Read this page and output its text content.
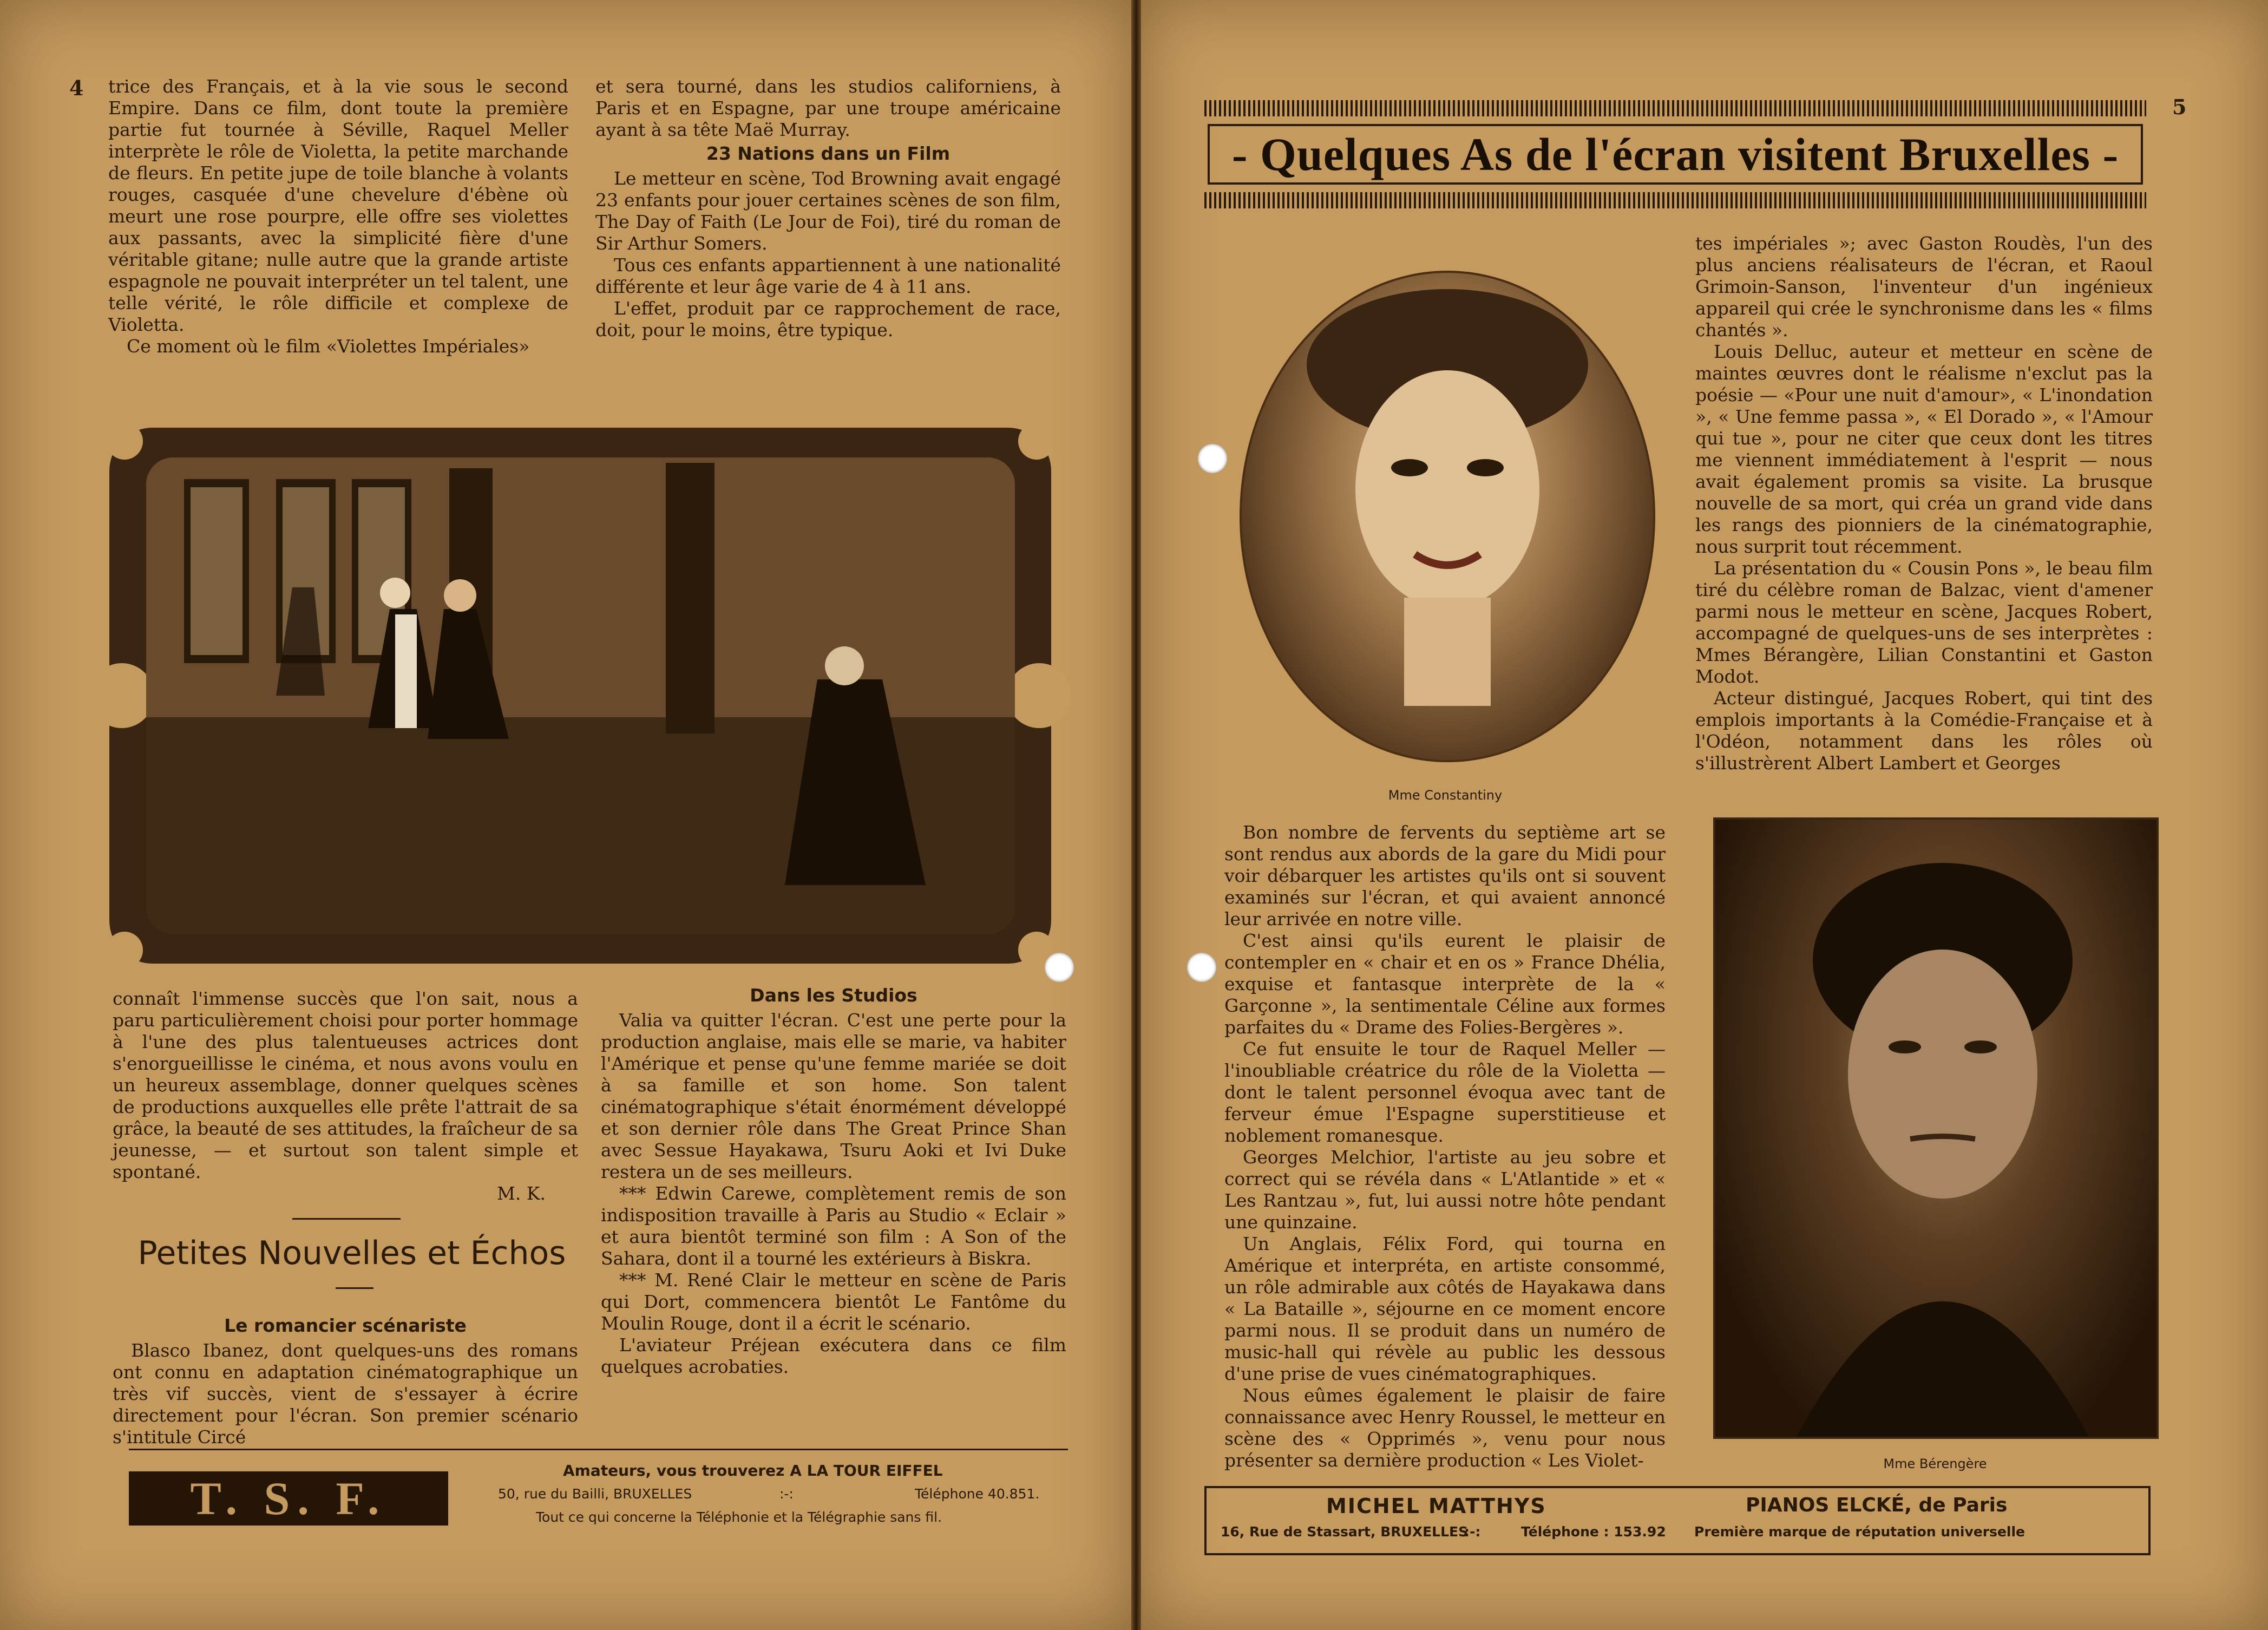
4 trice des Français, et à la vie sous le second Empire. Dans ce film, dont toute la première partie fut tournée à Séville, Raquel Meller interprète le rôle de Violetta, la petite marchande de fleurs. En petite jupe de toile blanche à volants rouges, casquée d'une chevelure d'ébène où meurt une rose pourpre, elle offre ses violettes aux passants, avec la simplicité fière d'une véritable gitane; nulle autre que la grande artiste espagnole ne pouvait interpréter un tel talent, une telle vérité, le rôle difficile et complexe de Violetta.

Ce moment où le film «Violettes Impériales»

et sera tourné, dans les studios californiens, à Paris et en Espagne, par une troupe américaine ayant à sa tête Maë Murray.

23 Nations dans un Film

Le metteur en scène, Tod Browning avait engagé 23 enfants pour jouer certaines scènes de son film, The Day of Faith (Le Jour de Foi), tiré du roman de Sir Arthur Somers.

Tous ces enfants appartiennent à une nationalité différente et leur âge varie de 4 à 11 ans.

L'effet, produit par ce rapprochement de race, doit, pour le moins, être typique.

connaît l'immense succès que l'on sait, nous a paru particulièrement choisi pour porter hommage à l'une des plus talentueuses actrices dont s'enorgueillisse le cinéma, et nous avons voulu en un heureux assemblage, donner quelques scènes de productions auxquelles elle prête l'attrait de sa grâce, la beauté de ses attitudes, la fraîcheur de sa jeunesse, — et surtout son talent simple et spontané.

M. K.

Petites Nouvelles et Échos
Le romancier scénariste

Blasco Ibanez, dont quelques-uns des romans ont connu en adaptation cinématographique un très vif succès, vient de s'essayer à écrire directement pour l'écran. Son premier scénario s'intitule Circé

Dans les Studios

Valia va quitter l'écran. C'est une perte pour la production anglaise, mais elle se marie, va habiter l'Amérique et pense qu'une femme mariée se doit à sa famille et son home. Son talent cinématographique s'était énormément développé et son dernier rôle dans The Great Prince Shan avec Sessue Hayakawa, Tsuru Aoki et Ivi Duke restera un de ses meilleurs.

*** Edwin Carewe, complètement remis de son indisposition travaille à Paris au Studio « Eclair » et aura bientôt terminé son film : A Son of the Sahara, dont il a tourné les extérieurs à Biskra.

*** M. René Clair le metteur en scène de Paris qui Dort, commencera bientôt Le Fantôme du Moulin Rouge, dont il a écrit le scénario.

L'aviateur Préjean exécutera dans ce film quelques acrobaties.

T. S. F.
Amateurs, vous trouverez A LA TOUR EIFFEL
50, rue du Bailli, BRUXELLES	:-:	Téléphone 40.851.
Tout ce qui concerne la Téléphonie et la Télégraphie sans fil.
5
- Quelques As de l'écran visitent Bruxelles -
Mme Constantiny

tes impériales »; avec Gaston Roudès, l'un des plus anciens réalisateurs de l'écran, et Raoul Grimoin-Sanson, l'inventeur d'un ingénieux appareil qui crée le synchronisme dans les « films chantés ».

Louis Delluc, auteur et metteur en scène de maintes œuvres dont le réalisme n'exclut pas la poésie — «Pour une nuit d'amour», « L'inondation », « Une femme passa », « El Dorado », « l'Amour qui tue », pour ne citer que ceux dont les titres me viennent immédiatement à l'esprit — nous avait également promis sa visite. La brusque nouvelle de sa mort, qui créa un grand vide dans les rangs des pionniers de la cinématographie, nous surprit tout récemment.

La présentation du « Cousin Pons », le beau film tiré du célèbre roman de Balzac, vient d'amener parmi nous le metteur en scène, Jacques Robert, accompagné de quelques-uns de ses interprètes : Mmes Bérangère, Lilian Constantini et Gaston Modot.

Acteur distingué, Jacques Robert, qui tint des emplois importants à la Comédie-Française et à l'Odéon, notamment dans les rôles où s'illustrèrent Albert Lambert et Georges

Bon nombre de fervents du septième art se sont rendus aux abords de la gare du Midi pour voir débarquer les artistes qu'ils ont si souvent examinés sur l'écran, et qui avaient annoncé leur arrivée en notre ville.

C'est ainsi qu'ils eurent le plaisir de contempler en « chair et en os » France Dhélia, exquise et fantasque interprète de la « Garçonne », la sentimentale Céline aux formes parfaites du « Drame des Folies-Bergères ».

Ce fut ensuite le tour de Raquel Meller — l'inoubliable créatrice du rôle de la Violetta — dont le talent personnel évoqua avec tant de ferveur émue l'Espagne superstitieuse et noblement romanesque.

Georges Melchior, l'artiste au jeu sobre et correct qui se révéla dans « L'Atlantide » et « Les Rantzau », fut, lui aussi notre hôte pendant une quinzaine.

Un Anglais, Félix Ford, qui tourna en Amérique et interpréta, en artiste consommé, un rôle admirable aux côtés de Hayakawa dans « La Bataille », séjourne en ce moment encore parmi nous. Il se produit dans un numéro de music-hall qui révèle au public les dessous d'une prise de vues cinématographiques.

Nous eûmes également le plaisir de faire connaissance avec Henry Roussel, le metteur en scène des « Opprimés », venu pour nous présenter sa dernière production « Les Violet-	Mme Bérengère
MICHEL MATTHYS
16, Rue de Stassart, BRUXELLES
:-:	Téléphone : 153.92
PIANOS ELCKÉ, de Paris
Première marque de réputation universelle
